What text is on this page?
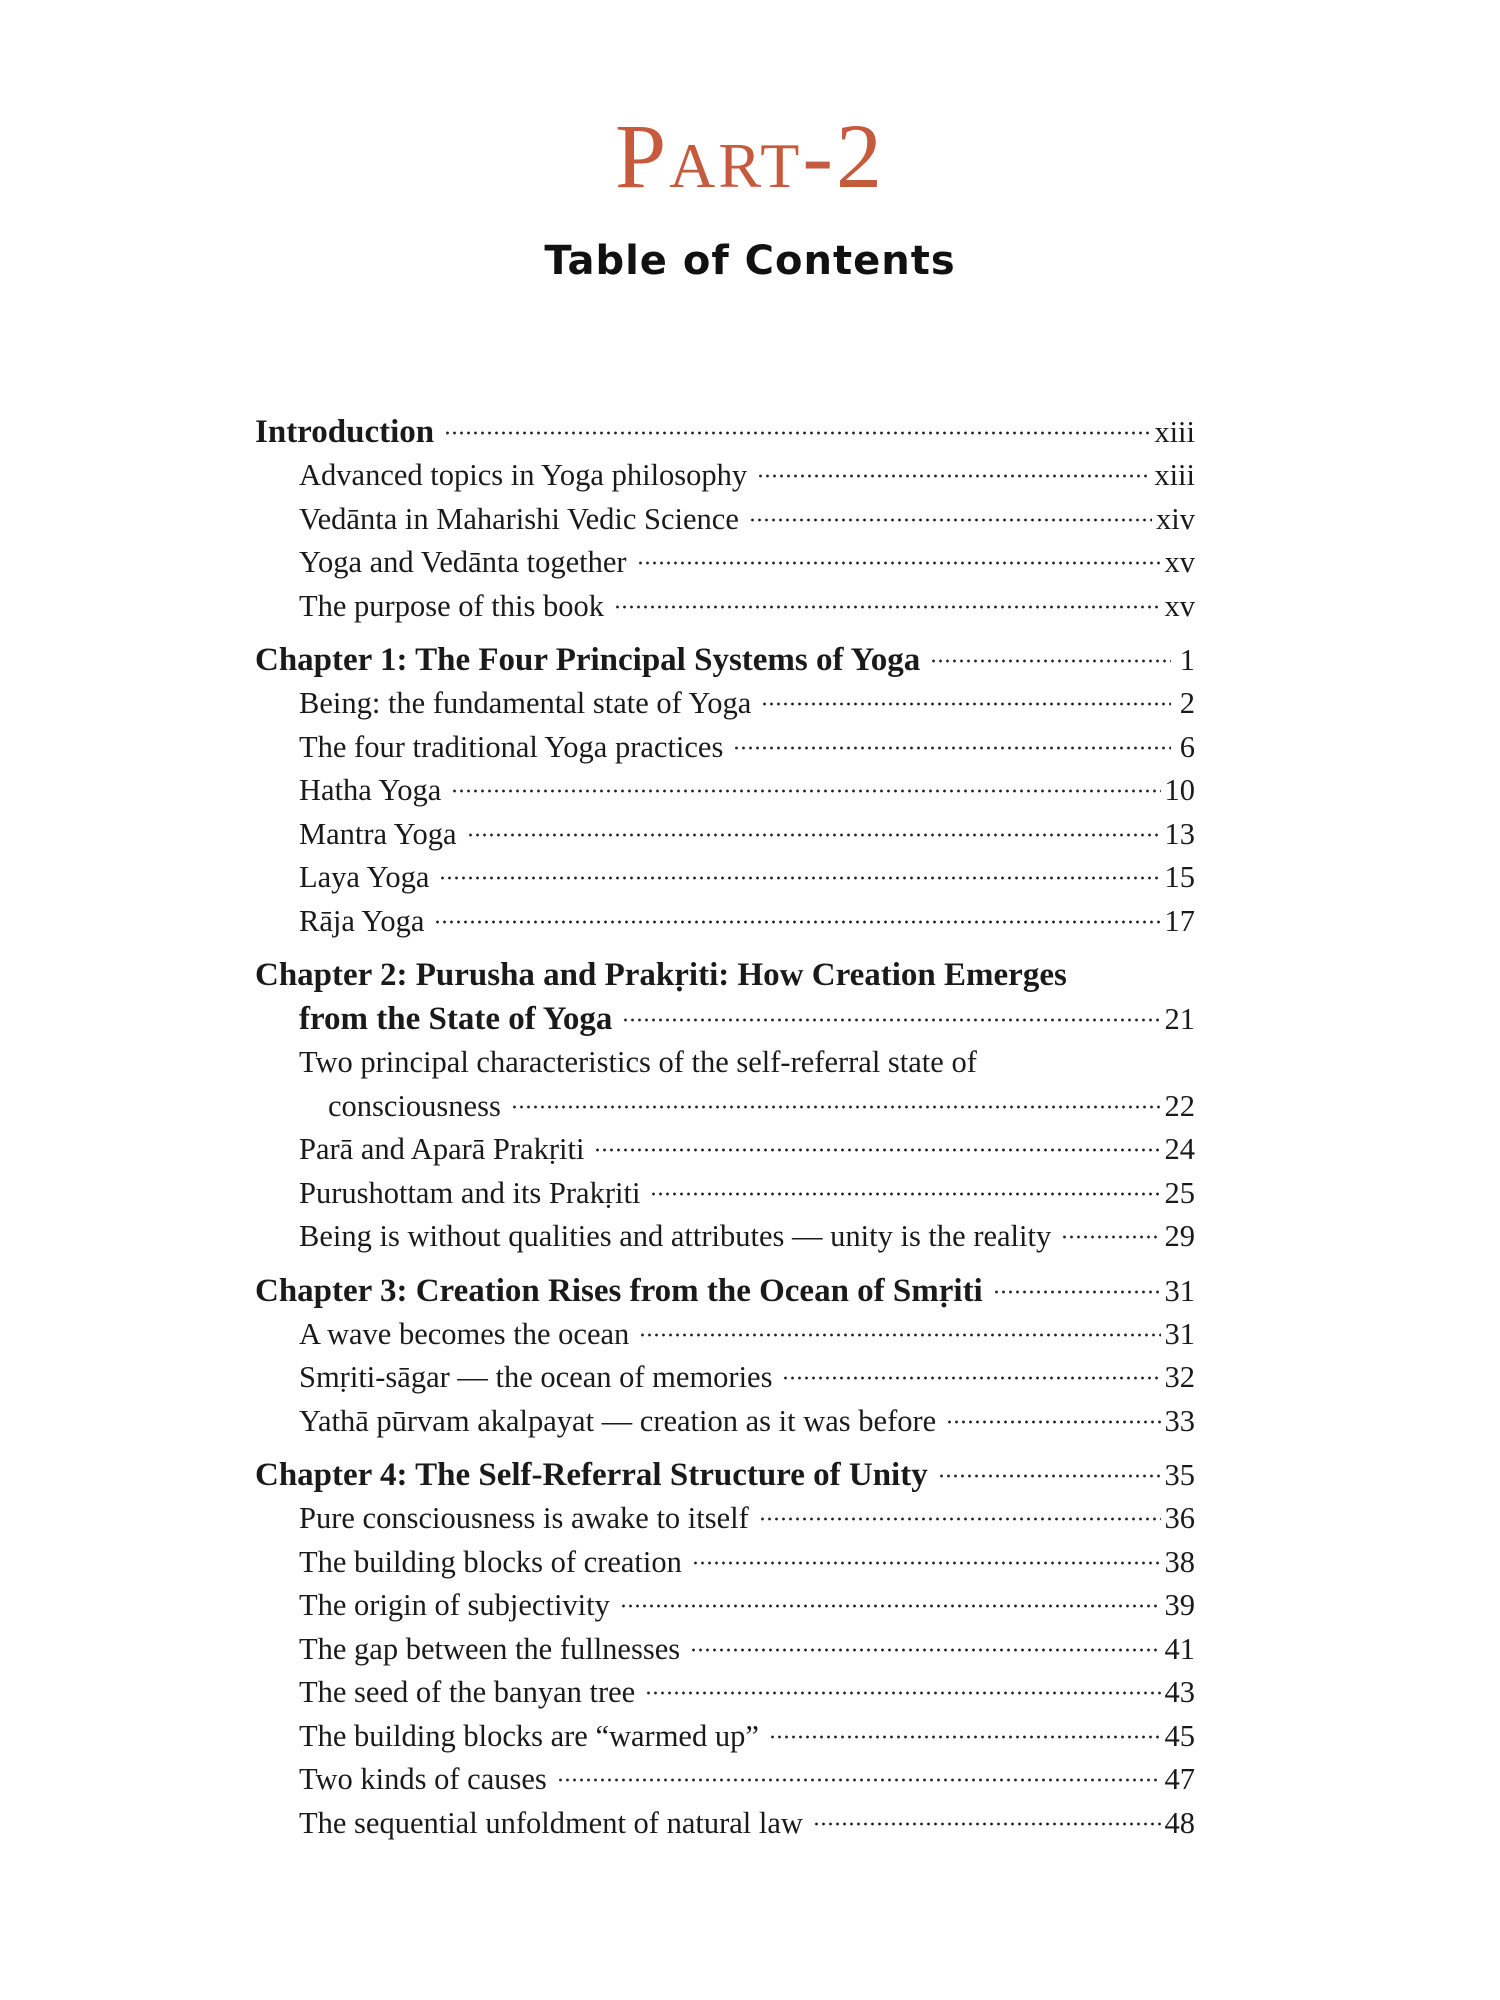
Part-2
Table of Contents
Introduction	xiii
Advanced topics in Yoga philosophy	xiii
Vedānta in Maharishi Vedic Science	xiv
Yoga and Vedānta together	xv
The purpose of this book	xv
Chapter 1: The Four Principal Systems of Yoga	1
Being: the fundamental state of Yoga	2
The four traditional Yoga practices	6
Hatha Yoga	10
Mantra Yoga	13
Laya Yoga	15
Rāja Yoga	17
Chapter 2: Purusha and Prakṛiti: How Creation Emerges
from the State of Yoga	21
Two principal characteristics of the self-referral state of
consciousness	22
Parā and Aparā Prakṛiti	24
Purushottam and its Prakṛiti	25
Being is without qualities and attributes — unity is the reality	29
Chapter 3: Creation Rises from the Ocean of Smṛiti	31
A wave becomes the ocean	31
Smṛiti-sāgar — the ocean of memories	32
Yathā pūrvam akalpayat — creation as it was before	33
Chapter 4: The Self-Referral Structure of Unity	35
Pure consciousness is awake to itself	36
The building blocks of creation	38
The origin of subjectivity	39
The gap between the fullnesses	41
The seed of the banyan tree	43
The building blocks are “warmed up”	45
Two kinds of causes	47
The sequential unfoldment of natural law	48
